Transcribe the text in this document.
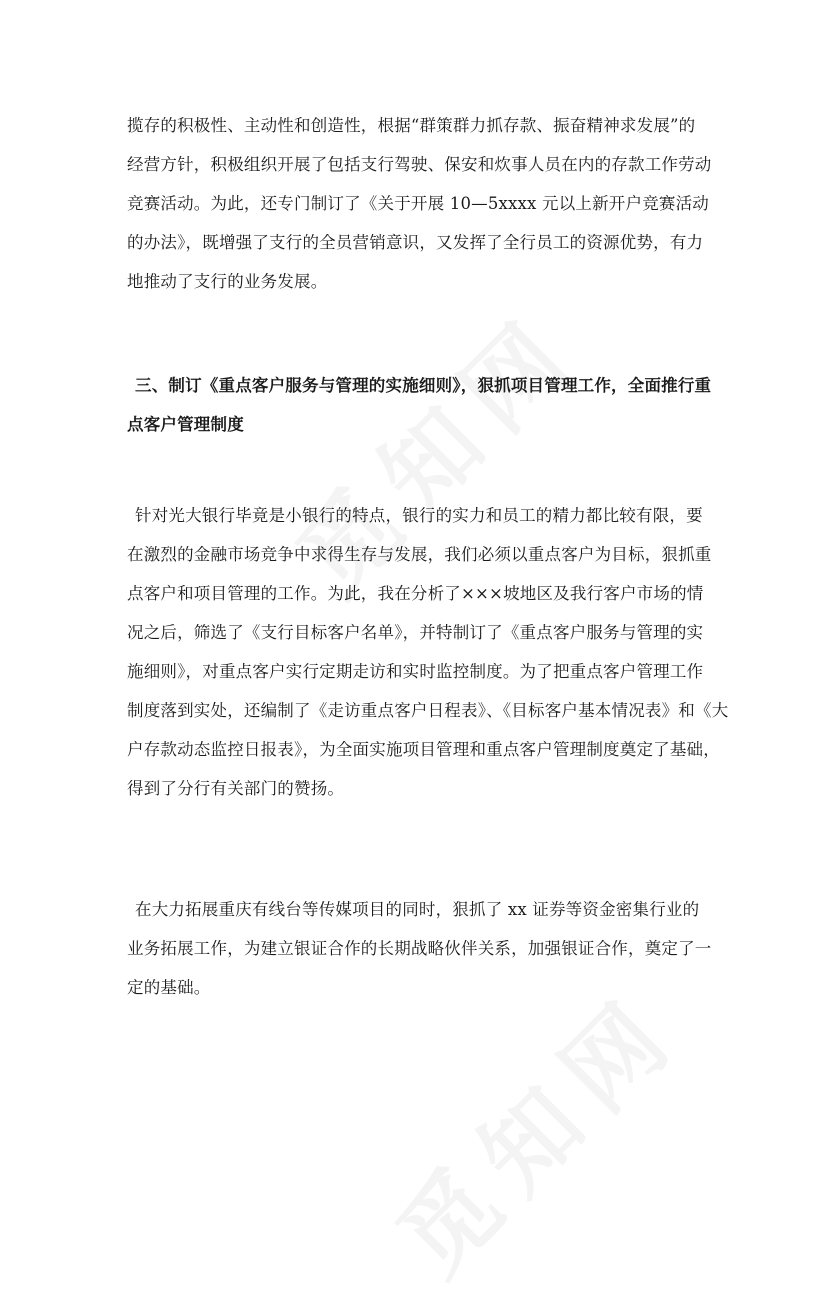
揽存的积极性、主动性和创造性，根据“群策群力抓存款、振奋精神求发展”的
经营方针，积极组织开展了包括支行驾驶、保安和炊事人员在内的存款工作劳动
竞赛活动。为此，还专门制订了《关于开展 10—5xxxx 元以上新开户竞赛活动
的办法》，既增强了支行的全员营销意识，又发挥了全行员工的资源优势，有力
地推动了支行的业务发展。
三、制订《重点客户服务与管理的实施细则》，狠抓项目管理工作，全面推行重
点客户管理制度
针对光大银行毕竟是小银行的特点，银行的实力和员工的精力都比较有限，要
在激烈的金融市场竞争中求得生存与发展，我们必须以重点客户为目标，狠抓重
点客户和项目管理的工作。为此，我在分析了×××坡地区及我行客户市场的情
况之后，筛选了《支行目标客户名单》，并特制订了《重点客户服务与管理的实
施细则》，对重点客户实行定期走访和实时监控制度。为了把重点客户管理工作
制度落到实处，还编制了《走访重点客户日程表》、《目标客户基本情况表》和《大
户存款动态监控日报表》，为全面实施项目管理和重点客户管理制度奠定了基础，
得到了分行有关部门的赞扬。
在大力拓展重庆有线台等传媒项目的同时，狠抓了 xx 证券等资金密集行业的
业务拓展工作，为建立银证合作的长期战略伙伴关系，加强银证合作，奠定了一
定的基础。
